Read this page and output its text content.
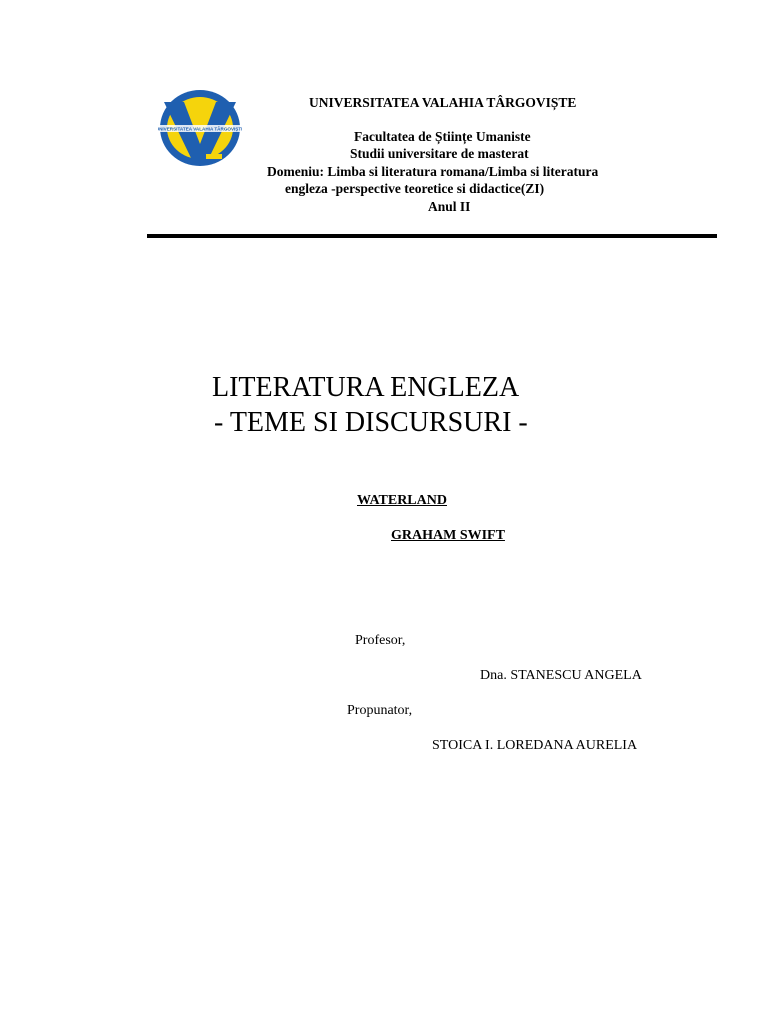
UNIVERSITATEA VALAHIA TÂRGOVIȘTE
UNIVERSITATEA VALAHIA TÂRGOVIȘTE
Facultatea de Științe Umaniste
Studii universitare de masterat
Domeniu: Limba si literatura romana/Limba si literatura
engleza -perspective teoretice si didactice(ZI)
Anul II
LITERATURA ENGLEZA
- TEME SI DISCURSURI -
WATERLAND
GRAHAM SWIFT
Profesor,
Dna. STANESCU ANGELA
Propunator,
STOICA I. LOREDANA AURELIA
